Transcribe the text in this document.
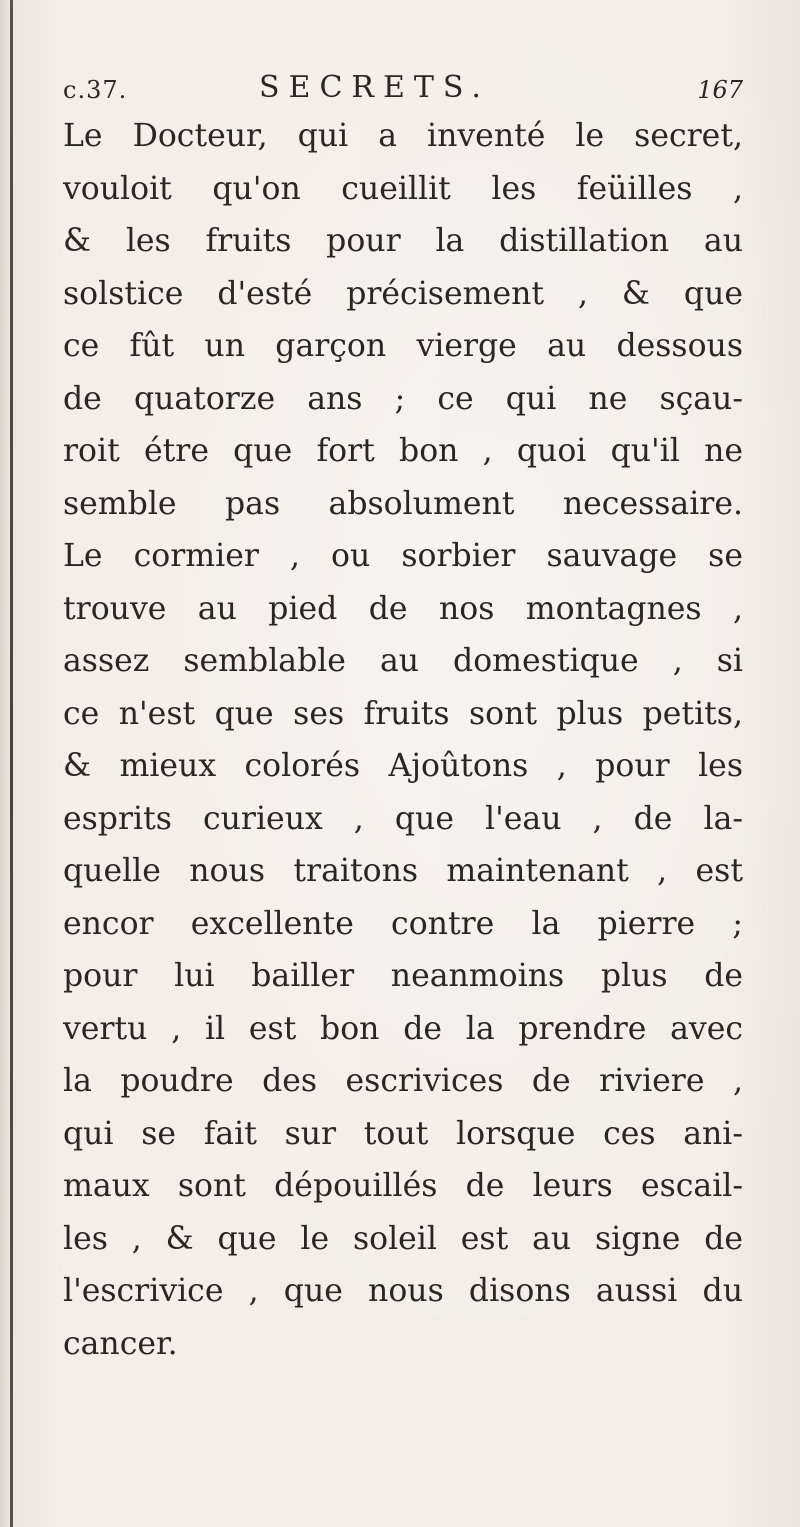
c.37.	SECRETS.	167
Le Docteur, qui a inventé le secret,
vouloit qu'on cueillit les feüilles ,
& les fruits pour la distillation au
solstice d'esté précisement , & que
ce fût un garçon vierge au dessous
de quatorze ans ; ce qui ne sçau-
roit étre que fort bon , quoi qu'il ne
semble pas absolument necessaire.
Le cormier , ou sorbier sauvage se
trouve au pied de nos montagnes ,
assez semblable au domestique , si
ce n'est que ses fruits sont plus petits,
& mieux colorés Ajoûtons , pour les
esprits curieux , que l'eau , de la-
quelle nous traitons maintenant , est
encor excellente contre la pierre ;
pour lui bailler neanmoins plus de
vertu , il est bon de la prendre avec
la poudre des escrivices de riviere ,
qui se fait sur tout lorsque ces ani-
maux sont dépouillés de leurs escail-
les , & que le soleil est au signe de
l'escrivice , que nous disons aussi du
cancer.
